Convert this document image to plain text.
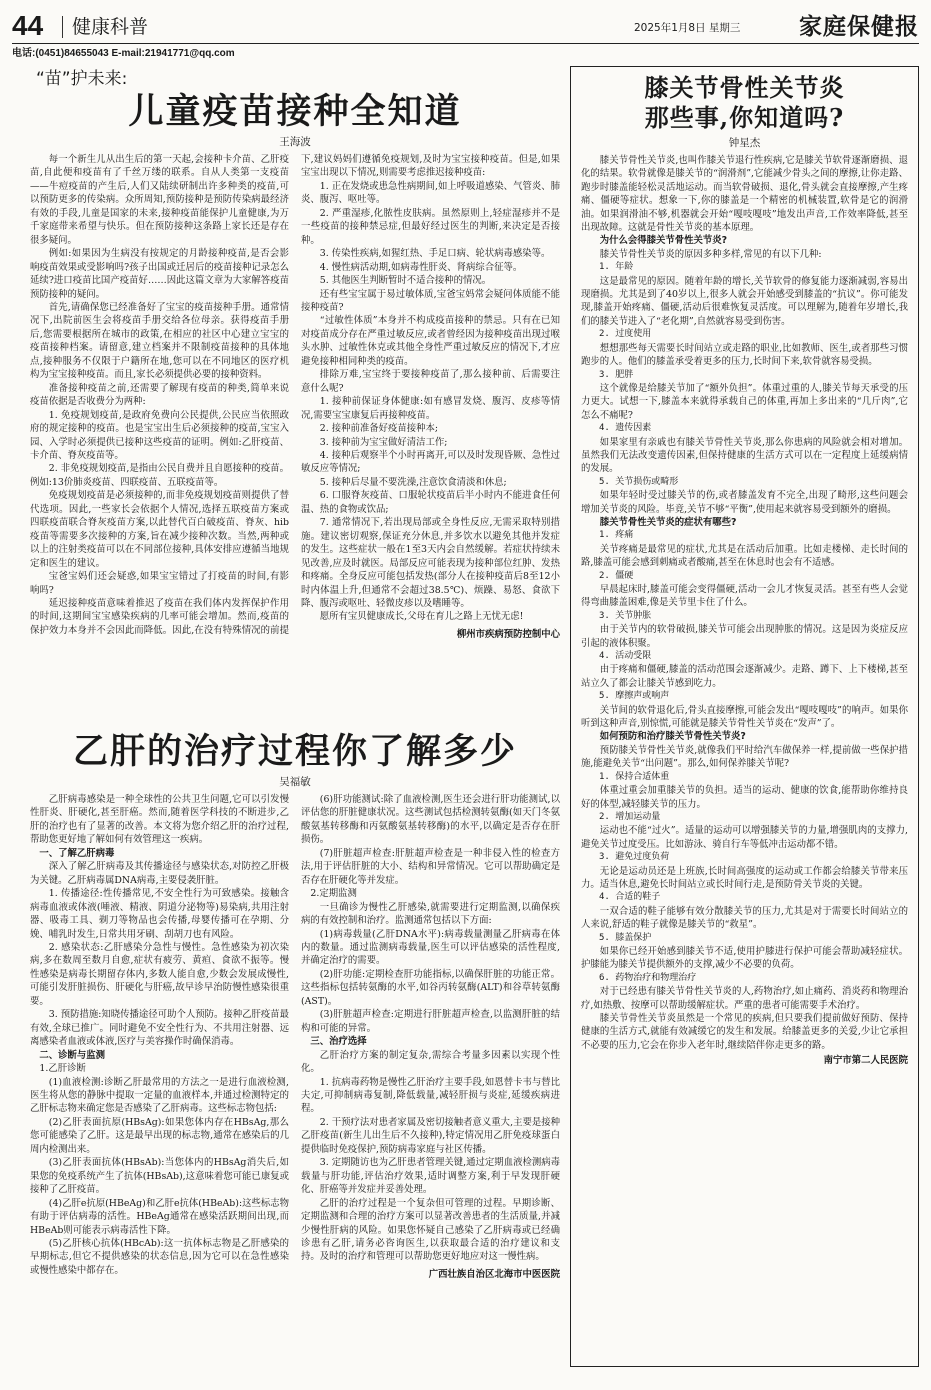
44 健康科普	2025年1月8日 星期三	家庭保健报
电话:(0451)84655043 E-mail:21941771@qq.com
“苗”护未来:
儿童疫苗接种全知道
王海波

每一个新生儿从出生后的第一天起,会接种卡介苗、乙肝疫苗,自此便和疫苗有了千丝万缕的联系。自从人类第一支疫苗——牛痘疫苗的产生后,人们又陆续研制出许多种类的疫苗,可以预防更多的传染病。众所周知,预防接种是预防传染病最经济有效的手段,儿童是国家的未来,接种疫苗能保护儿童健康,为万千家庭带来希望与快乐。但在预防接种这条路上家长还是存在很多疑问。

例如:如果因为生病没有按规定的月龄接种疫苗,是否会影响疫苗效果或受影响吗?孩子出国或迁居后的疫苗接种记录怎么延续?进口疫苗比国产疫苗好……因此这篇文章为大家解答疫苗预防接种的疑问。

首先,请确保您已经准备好了宝宝的疫苗接种手册。通常情况下,出院前医生会将疫苗手册交给各位母亲。获得疫苗手册后,您需要根据所在城市的政策,在相应的社区中心建立宝宝的疫苗接种档案。请留意,建立档案并不限制疫苗接种的具体地点,接种服务不仅限于户籍所在地,您可以在不同地区的医疗机构为宝宝接种疫苗。而且,家长必须提供必要的接种资料。

准备接种疫苗之前,还需要了解现有疫苗的种类,简单来说疫苗依据是否收费分为两种:

1. 免疫规划疫苗,是政府免费向公民提供,公民应当依照政府的规定接种的疫苗。也是宝宝出生后必须接种的疫苗,宝宝入园、入学时必须提供已接种这些疫苗的证明。例如:乙肝疫苗、卡介苗、脊灰疫苗等。

2. 非免疫规划疫苗,是指由公民自费并且自愿接种的疫苗。例如:13价肺炎疫苗、四联疫苗、五联疫苗等。

免疫规划疫苗是必须接种的,而非免疫规划疫苗则提供了替代选项。因此,一些家长会依据个人情况,选择五联疫苗方案或四联疫苗联合脊灰疫苗方案,以此替代百白破疫苗、脊灰、hib疫苗等需要多次接种的方案,旨在减少接种次数。当然,两种或以上的注射类疫苗可以在不同部位接种,具体安排应遵循当地规定和医生的建议。

宝爸宝妈们还会疑惑,如果宝宝错过了打疫苗的时间,有影响吗?

延迟接种疫苗意味着推迟了疫苗在我们体内发挥保护作用的时间,这期间宝宝感染疾病的几率可能会增加。然而,疫苗的保护效力本身并不会因此而降低。因此,在没有特殊情况的前提下,建议妈妈们遵循免疫规划,及时为宝宝接种疫苗。但是,如果宝宝出现以下情况,则需要考虑推迟接种疫苗:

1. 正在发烧或患急性病期间,如上呼吸道感染、气管炎、肺炎、腹泻、呕吐等。

2. 严重湿疹,化脓性皮肤病。虽然原则上,轻症湿疹并不是一些疫苗的接种禁忌症,但最好经过医生的判断,来决定是否接种。

3. 传染性疾病,如猩红热、手足口病、轮状病毒感染等。

4. 慢性病活动期,如病毒性肝炎、肾病综合征等。

5. 其他医生判断暂时不适合接种的情况。

还有些宝宝属于易过敏体质,宝爸宝妈常会疑问体质能不能接种疫苗?

“过敏性体质”本身并不构成疫苗接种的禁忌。只有在已知对疫苗成分存在严重过敏反应,或者曾经因为接种疫苗出现过喉头水肿、过敏性休克或其他全身性严重过敏反应的情况下,才应避免接种相同种类的疫苗。

排除万难,宝宝终于要接种疫苗了,那么接种前、后需要注意什么呢?

1. 接种前保证身体健康:如有感冒发烧、腹泻、皮疹等情况,需要宝宝康复后再接种疫苗。

2. 接种前准备好疫苗接种本;

3. 接种前为宝宝做好清洁工作;

4. 接种后观察半个小时再离开,可以及时发现昏厥、急性过敏反应等情况;

5. 接种后尽量不要洗澡,注意饮食清淡和休息;

6. 口服脊灰疫苗、口服轮状疫苗后半小时内不能进食任何温、热的食物或饮品;

7. 通常情况下,若出现局部或全身性反应,无需采取特别措施。建议密切观察,保证充分休息,并多饮水以避免其他并发症的发生。这些症状一般在1至3天内会自然缓解。若症状持续未见改善,应及时就医。局部反应可能表现为接种部位红肿、发热和疼痛。全身反应可能包括发热(部分人在接种疫苗后8至12小时内体温上升,但通常不会超过38.5℃)、烦躁、易怒、食欲下降、腹泻或呕吐、轻微皮疹以及嗜睡等。

愿所有宝贝健康成长,父母在育儿之路上无忧无虑!

柳州市疾病预防控制中心

乙肝的治疗过程你了解多少
吴福敏

乙肝病毒感染是一种全球性的公共卫生问题,它可以引发慢性肝炎、肝硬化,甚至肝癌。然而,随着医学科技的不断进步,乙肝的治疗也有了显著的改善。本文将为您介绍乙肝的治疗过程,帮助您更好地了解如何有效管理这一疾病。

一、了解乙肝病毒

深入了解乙肝病毒及其传播途径与感染状态,对防控乙肝极为关键。乙肝病毒属DNA病毒,主要侵袭肝脏。

1. 传播途径:性传播常见,不安全性行为可致感染。接触含病毒血液或体液(唾液、精液、阴道分泌物等)易染病,共用注射器、吸毒工具、剃刀等物品也会传播,母婴传播可在孕期、分娩、哺乳时发生,日常共用牙刷、刮胡刀也有风险。

2. 感染状态:乙肝感染分急性与慢性。急性感染为初次染病,多在数周至数月自愈,症状有疲劳、黄疸、食欲不振等。慢性感染是病毒长期留存体内,多数人能自愈,少数会发展成慢性,可能引发肝脏损伤、肝硬化与肝癌,故早诊早治防慢性感染很重要。

3. 预防措施:知晓传播途径可助个人预防。接种乙肝疫苗最有效,全球已推广。同时避免不安全性行为、不共用注射器、远离感染者血液或体液,医疗与美容操作时确保消毒。

二、诊断与监测

1.乙肝诊断

(1)血液检测:诊断乙肝最常用的方法之一是进行血液检测,医生将从您的静脉中提取一定量的血液样本,并通过检测特定的乙肝标志物来确定您是否感染了乙肝病毒。这些标志物包括:

(2)乙肝表面抗原(HBsAg):如果您体内存在HBsAg,那么您可能感染了乙肝。这是最早出现的标志物,通常在感染后的几周内检测出来。

(3)乙肝表面抗体(HBsAb):当您体内的HBsAg消失后,如果您的免疫系统产生了抗体(HBsAb),这意味着您可能已康复或接种了乙肝疫苗。

(4)乙肝e抗原(HBeAg)和乙肝e抗体(HBeAb):这些标志物有助于评估病毒的活性。HBeAg通常在感染活跃期间出现,而HBeAb则可能表示病毒活性下降。

(5)乙肝核心抗体(HBcAb):这一抗体标志物是乙肝感染的早期标志,但它不提供感染的状态信息,因为它可以在急性感染或慢性感染中都存在。

(6)肝功能测试:除了血液检测,医生还会进行肝功能测试,以评估您的肝脏健康状况。这些测试包括检测转氨酶(如天门冬氨酸氨基转移酶和丙氨酸氨基转移酶)的水平,以确定是否存在肝损伤。

(7)肝脏超声检查:肝脏超声检查是一种非侵入性的检查方法,用于评估肝脏的大小、结构和异常情况。它可以帮助确定是否存在肝硬化等并发症。

2.定期监测

一旦确诊为慢性乙肝感染,就需要进行定期监测,以确保疾病的有效控制和治疗。监测通常包括以下方面:

(1)病毒载量(乙肝DNA水平):病毒载量测量乙肝病毒在体内的数量。通过监测病毒载量,医生可以评估感染的活性程度,并确定治疗的需要。

(2)肝功能:定期检查肝功能指标,以确保肝脏的功能正常。这些指标包括转氨酶的水平,如谷丙转氨酶(ALT)和谷草转氨酶(AST)。

(3)肝脏超声检查:定期进行肝脏超声检查,以监测肝脏的结构和可能的异常。

三、治疗选择

乙肝治疗方案的制定复杂,需综合考量多因素以实现个性化。

1. 抗病毒药物是慢性乙肝治疗主要手段,如恩替卡韦与替比夫定,可抑制病毒复制,降低载量,减轻肝损与炎症,延缓疾病进程。

2. 干预疗法对患者家属及密切接触者意义重大,主要是接种乙肝疫苗(新生儿出生后不久接种),特定情况用乙肝免疫球蛋白提供临时免疫保护,预防病毒家庭与社区传播。

3. 定期随访也为乙肝患者管理关键,通过定期血液检测病毒载量与肝功能,评估治疗效果,适时调整方案,利于早发现肝硬化、肝癌等并发症并妥善处理。

乙肝的治疗过程是一个复杂但可管理的过程。早期诊断、定期监测和合理的治疗方案可以显著改善患者的生活质量,并减少慢性肝病的风险。如果您怀疑自己感染了乙肝病毒或已经确诊患有乙肝,请务必咨询医生,以获取最合适的治疗建议和支持。及时的治疗和管理可以帮助您更好地应对这一慢性病。

广西壮族自治区北海市中医医院

膝关节骨性关节炎
那些事,你知道吗?
钟星杰

膝关节骨性关节炎,也叫作膝关节退行性疾病,它是膝关节软骨逐渐磨损、退化的结果。软骨就像是膝关节的“润滑剂”,它能减少骨头之间的摩擦,让你走路、跑步时膝盖能轻松灵活地运动。而当软骨破损、退化,骨头就会直接摩擦,产生疼痛、僵硬等症状。想象一下,你的膝盖是一个精密的机械装置,软骨是它的润滑油。如果润滑油不够,机器就会开始“嘎吱嘎吱”地发出声音,工作效率降低,甚至出现故障。这就是骨性关节炎的基本原理。

为什么会得膝关节骨性关节炎?

膝关节骨性关节炎的原因多种多样,常见的有以下几种:

1. 年龄

这是最常见的原因。随着年龄的增长,关节软骨的修复能力逐渐减弱,容易出现磨损。尤其是到了40岁以上,很多人就会开始感受到膝盖的“抗议”。你可能发现,膝盖开始疼痛、僵硬,活动后很难恢复灵活度。可以理解为,随着年岁增长,我们的膝关节进入了“老化期”,自然就容易受到伤害。

2. 过度使用

想想那些每天需要长时间站立或走路的职业,比如教师、医生,或者那些习惯跑步的人。他们的膝盖承受着更多的压力,长时间下来,软骨就容易受损。

3. 肥胖

这个就像是给膝关节加了“额外负担”。体重过重的人,膝关节每天承受的压力更大。试想一下,膝盖本来就得承载自己的体重,再加上多出来的“几斤肉”,它怎么不痛呢?

4. 遗传因素

如果家里有亲戚也有膝关节骨性关节炎,那么你患病的风险就会相对增加。虽然我们无法改变遗传因素,但保持健康的生活方式可以在一定程度上延缓病情的发展。

5. 关节损伤或畸形

如果年轻时受过膝关节的伤,或者膝盖发育不完全,出现了畸形,这些问题会增加关节炎的风险。毕竟,关节不够“平衡”,使用起来就容易受到额外的磨损。

膝关节骨性关节炎的症状有哪些?

1. 疼痛

关节疼痛是最常见的症状,尤其是在活动后加重。比如走楼梯、走长时间的路,膝盖可能会感到刺痛或者酸痛,甚至在休息时也会有不适感。

2. 僵硬

早晨起床时,膝盖可能会变得僵硬,活动一会儿才恢复灵活。甚至有些人会觉得弯曲膝盖困难,像是关节里卡住了什么。

3. 关节肿胀

由于关节内的软骨破损,膝关节可能会出现肿胀的情况。这是因为炎症反应引起的液体积聚。

4. 活动受限

由于疼痛和僵硬,膝盖的活动范围会逐渐减少。走路、蹲下、上下楼梯,甚至站立久了都会让膝关节感到吃力。

5. 摩擦声或响声

关节间的软骨退化后,骨头直接摩擦,可能会发出“嘎吱嘎吱”的响声。如果你听到这种声音,别惊慌,可能就是膝关节骨性关节炎在“发声”了。

如何预防和治疗膝关节骨性关节炎?

预防膝关节骨性关节炎,就像我们平时给汽车做保养一样,提前做一些保护措施,能避免关节“出问题”。那么,如何保养膝关节呢?

1. 保持合适体重

体重过重会加重膝关节的负担。适当的运动、健康的饮食,能帮助你维持良好的体型,减轻膝关节的压力。

2. 增加运动量

运动也不能“过火”。适量的运动可以增强膝关节的力量,增强肌肉的支撑力,避免关节过度受压。比如游泳、骑自行车等低冲击运动都不错。

3. 避免过度负荷

无论是运动员还是上班族,长时间高强度的运动或工作都会给膝关节带来压力。适当休息,避免长时间站立或长时间行走,是预防骨关节炎的关键。

4. 合适的鞋子

一双合适的鞋子能够有效分散膝关节的压力,尤其是对于需要长时间站立的人来说,舒适的鞋子就像是膝关节的“救星”。

5. 膝盖保护

如果你已经开始感到膝关节不适,使用护膝进行保护可能会帮助减轻症状。护膝能为膝关节提供额外的支撑,减少不必要的负荷。

6. 药物治疗和物理治疗

对于已经患有膝关节骨性关节炎的人,药物治疗,如止痛药、消炎药和物理治疗,如热敷、按摩可以帮助缓解症状。严重的患者可能需要手术治疗。

膝关节骨性关节炎虽然是一个常见的疾病,但只要我们提前做好预防、保持健康的生活方式,就能有效减缓它的发生和发展。给膝盖更多的关爱,少让它承担不必要的压力,它会在你步入老年时,继续陪伴你走更多的路。

南宁市第二人民医院
